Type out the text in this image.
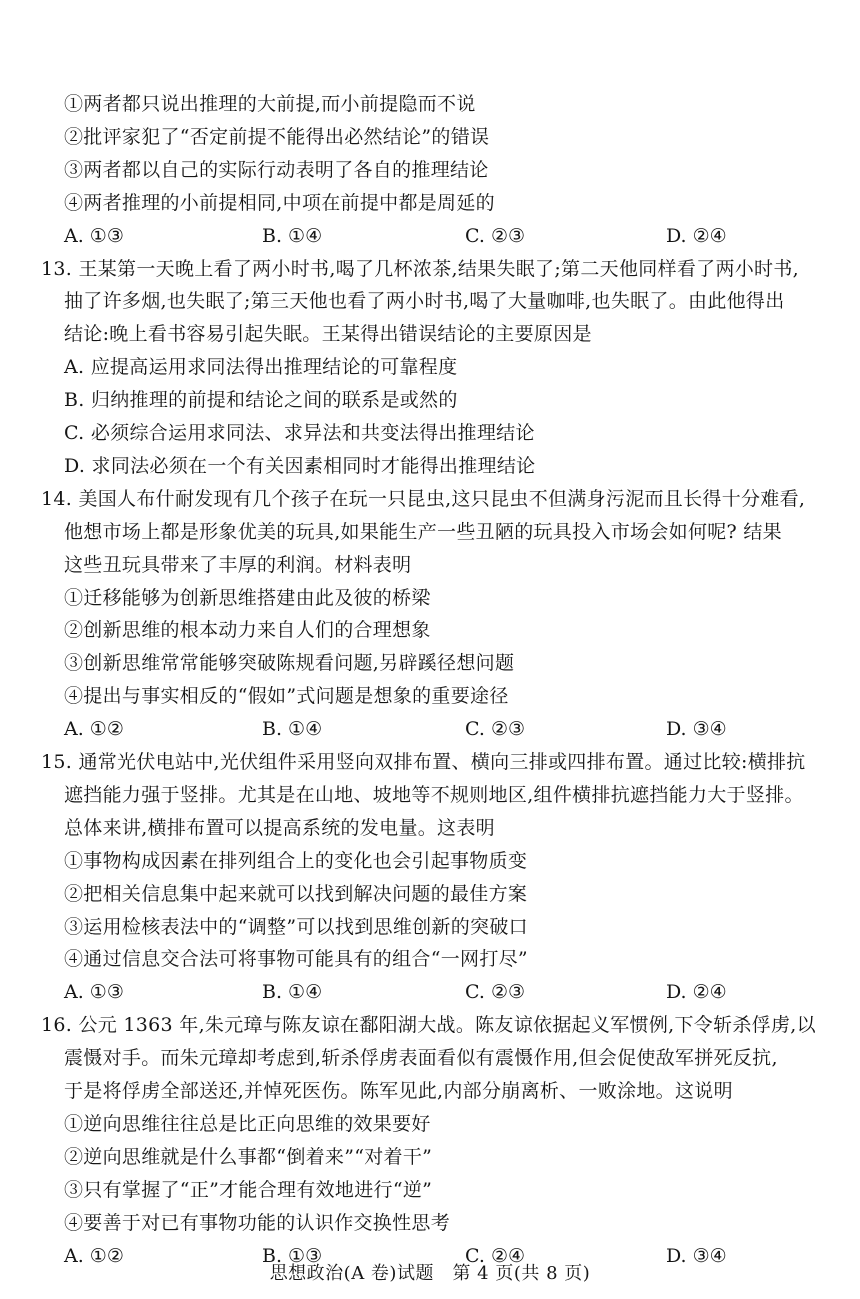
①两者都只说出推理的大前提,而小前提隐而不说
②批评家犯了“否定前提不能得出必然结论”的错误
③两者都以自己的实际行动表明了各自的推理结论
④两者推理的小前提相同,中项在前提中都是周延的
A. ①③	B. ①④	C. ②③	D. ②④
13. 王某第一天晚上看了两小时书,喝了几杯浓茶,结果失眠了;第二天他同样看了两小时书,
抽了许多烟,也失眠了;第三天他也看了两小时书,喝了大量咖啡,也失眠了。由此他得出
结论:晚上看书容易引起失眠。王某得出错误结论的主要原因是
A. 应提高运用求同法得出推理结论的可靠程度
B. 归纳推理的前提和结论之间的联系是或然的
C. 必须综合运用求同法、求异法和共变法得出推理结论
D. 求同法必须在一个有关因素相同时才能得出推理结论
14. 美国人布什耐发现有几个孩子在玩一只昆虫,这只昆虫不但满身污泥而且长得十分难看,
他想市场上都是形象优美的玩具,如果能生产一些丑陋的玩具投入市场会如何呢? 结果
这些丑玩具带来了丰厚的利润。材料表明
①迁移能够为创新思维搭建由此及彼的桥梁
②创新思维的根本动力来自人们的合理想象
③创新思维常常能够突破陈规看问题,另辟蹊径想问题
④提出与事实相反的“假如”式问题是想象的重要途径
A. ①②	B. ①④	C. ②③	D. ③④
15. 通常光伏电站中,光伏组件采用竖向双排布置、横向三排或四排布置。通过比较:横排抗
遮挡能力强于竖排。尤其是在山地、坡地等不规则地区,组件横排抗遮挡能力大于竖排。
总体来讲,横排布置可以提高系统的发电量。这表明
①事物构成因素在排列组合上的变化也会引起事物质变
②把相关信息集中起来就可以找到解决问题的最佳方案
③运用检核表法中的“调整”可以找到思维创新的突破口
④通过信息交合法可将事物可能具有的组合“一网打尽”
A. ①③	B. ①④	C. ②③	D. ②④
16. 公元 1363 年,朱元璋与陈友谅在鄱阳湖大战。陈友谅依据起义军惯例,下令斩杀俘虏,以
震慑对手。而朱元璋却考虑到,斩杀俘虏表面看似有震慑作用,但会促使敌军拼死反抗,
于是将俘虏全部送还,并悼死医伤。陈军见此,内部分崩离析、一败涂地。这说明
①逆向思维往往总是比正向思维的效果要好
②逆向思维就是什么事都“倒着来”“对着干”
③只有掌握了“正”才能合理有效地进行“逆”
④要善于对已有事物功能的认识作交换性思考
A. ①②	B. ①③	C. ②④	D. ③④
思想政治(A 卷)试题　第 4 页(共 8 页)
